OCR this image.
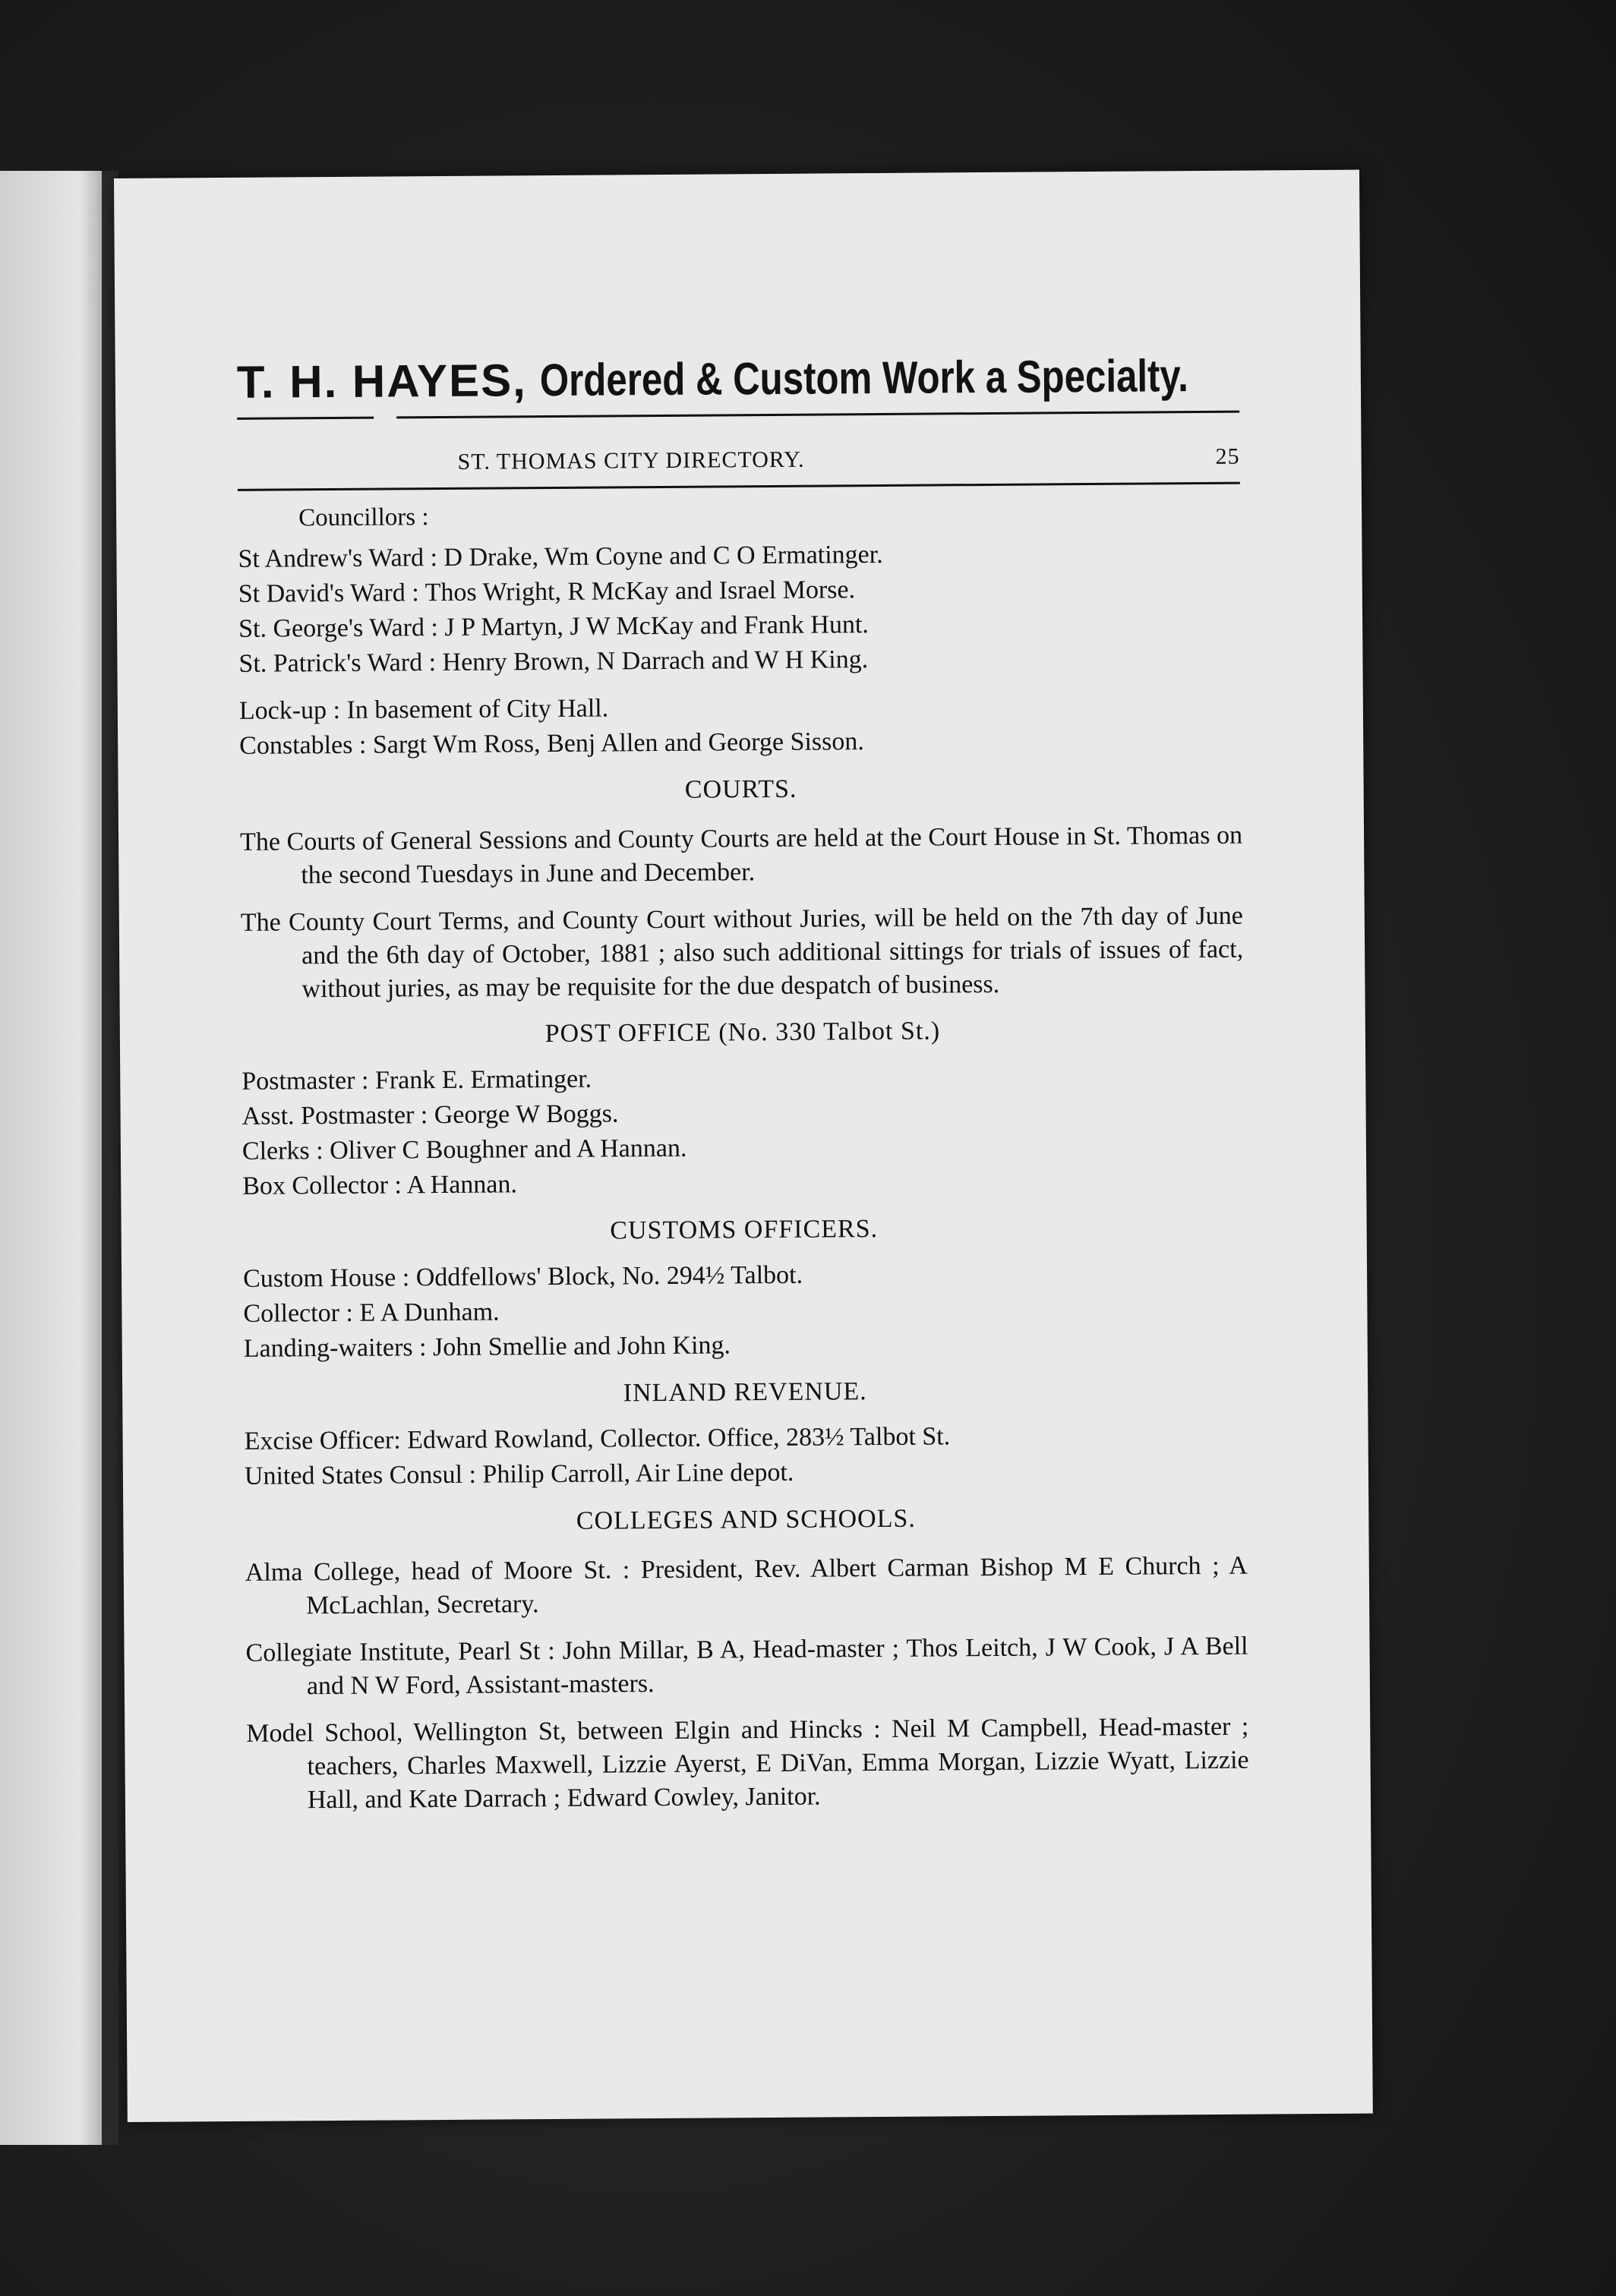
T. H. HAYES, Ordered & Custom Work a Specialty.
ST. THOMAS CITY DIRECTORY.	25
Councillors :
St Andrew's Ward : D Drake, Wm Coyne and C O Ermatinger.
St David's Ward : Thos Wright, R McKay and Israel Morse.
St. George's Ward : J P Martyn, J W McKay and Frank Hunt.
St. Patrick's Ward : Henry Brown, N Darrach and W H King.
Lock-up : In basement of City Hall.
Constables : Sargt Wm Ross, Benj Allen and George Sisson.
COURTS.
The Courts of General Sessions and County Courts are held at the Court House in St. Thomas on the second Tuesdays in June and December.
The County Court Terms, and County Court without Juries, will be held on the 7th day of June and the 6th day of October, 1881 ; also such additional sittings for trials of issues of fact, without juries, as may be requisite for the due despatch of business.
POST OFFICE (No. 330 Talbot St.)
Postmaster : Frank E. Ermatinger.
Asst. Postmaster : George W Boggs.
Clerks : Oliver C Boughner and A Hannan.
Box Collector : A Hannan.
CUSTOMS OFFICERS.
Custom House : Oddfellows' Block, No. 294½ Talbot.
Collector : E A Dunham.
Landing-waiters : John Smellie and John King.
INLAND REVENUE.
Excise Officer: Edward Rowland, Collector. Office, 283½ Talbot St.
United States Consul : Philip Carroll, Air Line depot.
COLLEGES AND SCHOOLS.
Alma College, head of Moore St. : President, Rev. Albert Carman Bishop M E Church ; A McLachlan, Secretary.
Collegiate Institute, Pearl St : John Millar, B A, Head-master ; Thos Leitch, J W Cook, J A Bell and N W Ford, Assistant-masters.
Model School, Wellington St, between Elgin and Hincks : Neil M Campbell, Head-master ; teachers, Charles Maxwell, Lizzie Ayerst, E DiVan, Emma Morgan, Lizzie Wyatt, Lizzie Hall, and Kate Darrach ; Edward Cowley, Janitor.
